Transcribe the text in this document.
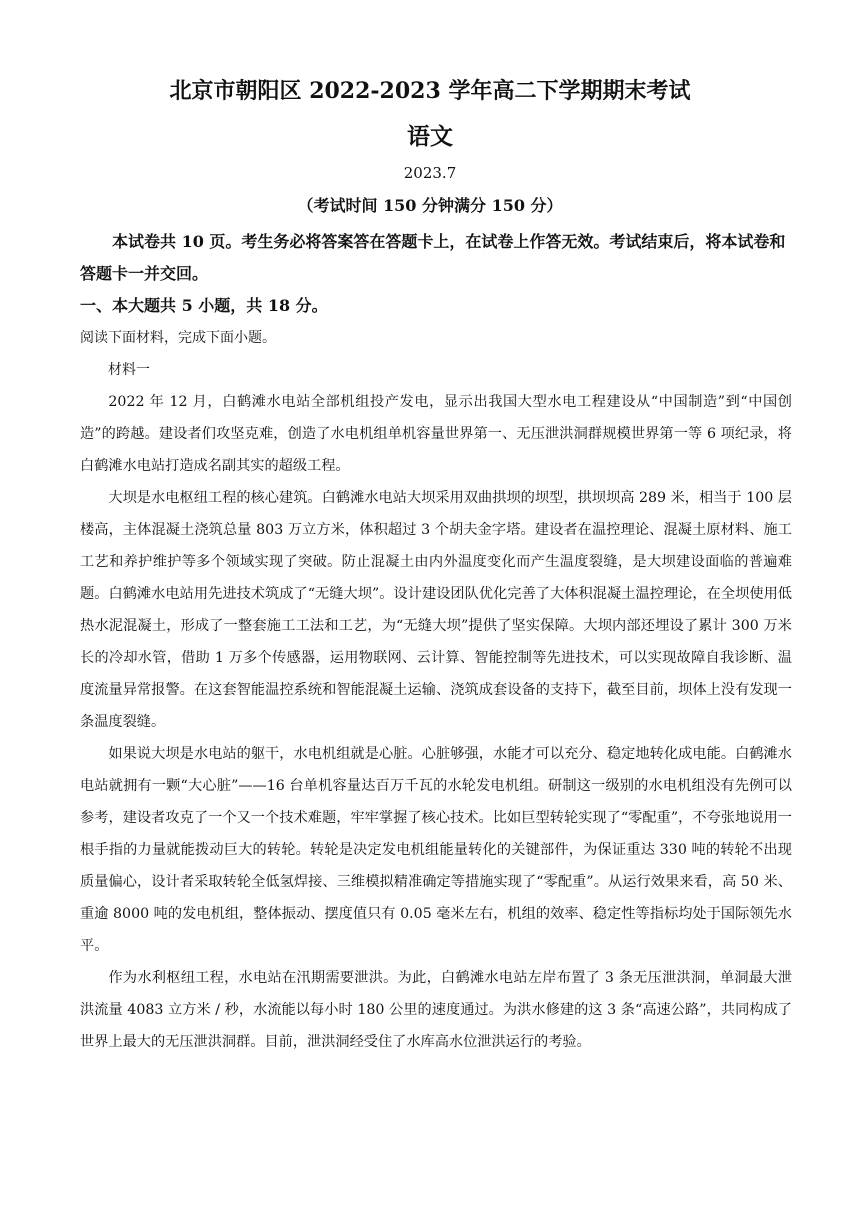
北京市朝阳区 2022-2023 学年高二下学期期末考试
语文
2023.7
（考试时间 150 分钟满分 150 分）

本试卷共 10 页。考生务必将答案答在答题卡上，在试卷上作答无效。考试结束后，将本试卷和答题卡一并交回。

一、本大题共 5 小题，共 18 分。

阅读下面材料，完成下面小题。

材料一

2022 年 12 月，白鹤滩水电站全部机组投产发电，显示出我国大型水电工程建设从“中国制造”到“中国创造”的跨越。建设者们攻坚克难，创造了水电机组单机容量世界第一、无压泄洪洞群规模世界第一等 6 项纪录，将白鹤滩水电站打造成名副其实的超级工程。

大坝是水电枢纽工程的核心建筑。白鹤滩水电站大坝采用双曲拱坝的坝型，拱坝坝高 289 米，相当于 100 层楼高，主体混凝土浇筑总量 803 万立方米，体积超过 3 个胡夫金字塔。建设者在温控理论、混凝土原材料、施工工艺和养护维护等多个领域实现了突破。防止混凝土由内外温度变化而产生温度裂缝，是大坝建设面临的普遍难题。白鹤滩水电站用先进技术筑成了“无缝大坝”。设计建设团队优化完善了大体积混凝土温控理论，在全坝使用低热水泥混凝土，形成了一整套施工工法和工艺，为“无缝大坝”提供了坚实保障。大坝内部还埋设了累计 300 万米长的冷却水管，借助 1 万多个传感器，运用物联网、云计算、智能控制等先进技术，可以实现故障自我诊断、温度流量异常报警。在这套智能温控系统和智能混凝土运输、浇筑成套设备的支持下，截至目前，坝体上没有发现一条温度裂缝。

如果说大坝是水电站的躯干，水电机组就是心脏。心脏够强，水能才可以充分、稳定地转化成电能。白鹤滩水电站就拥有一颗“大心脏”——16 台单机容量达百万千瓦的水轮发电机组。研制这一级别的水电机组没有先例可以参考，建设者攻克了一个又一个技术难题，牢牢掌握了核心技术。比如巨型转轮实现了“零配重”，不夸张地说用一根手指的力量就能拨动巨大的转轮。转轮是决定发电机组能量转化的关键部件，为保证重达 330 吨的转轮不出现质量偏心，设计者采取转轮全低氢焊接、三维模拟精准确定等措施实现了“零配重”。从运行效果来看，高 50 米、重逾 8000 吨的发电机组，整体振动、摆度值只有 0.05 毫米左右，机组的效率、稳定性等指标均处于国际领先水平。

作为水利枢纽工程，水电站在汛期需要泄洪。为此，白鹤滩水电站左岸布置了 3 条无压泄洪洞，单洞最大泄洪流量 4083 立方米 / 秒，水流能以每小时 180 公里的速度通过。为洪水修建的这 3 条“高速公路”，共同构成了世界上最大的无压泄洪洞群。目前，泄洪洞经受住了水库高水位泄洪运行的考验。
